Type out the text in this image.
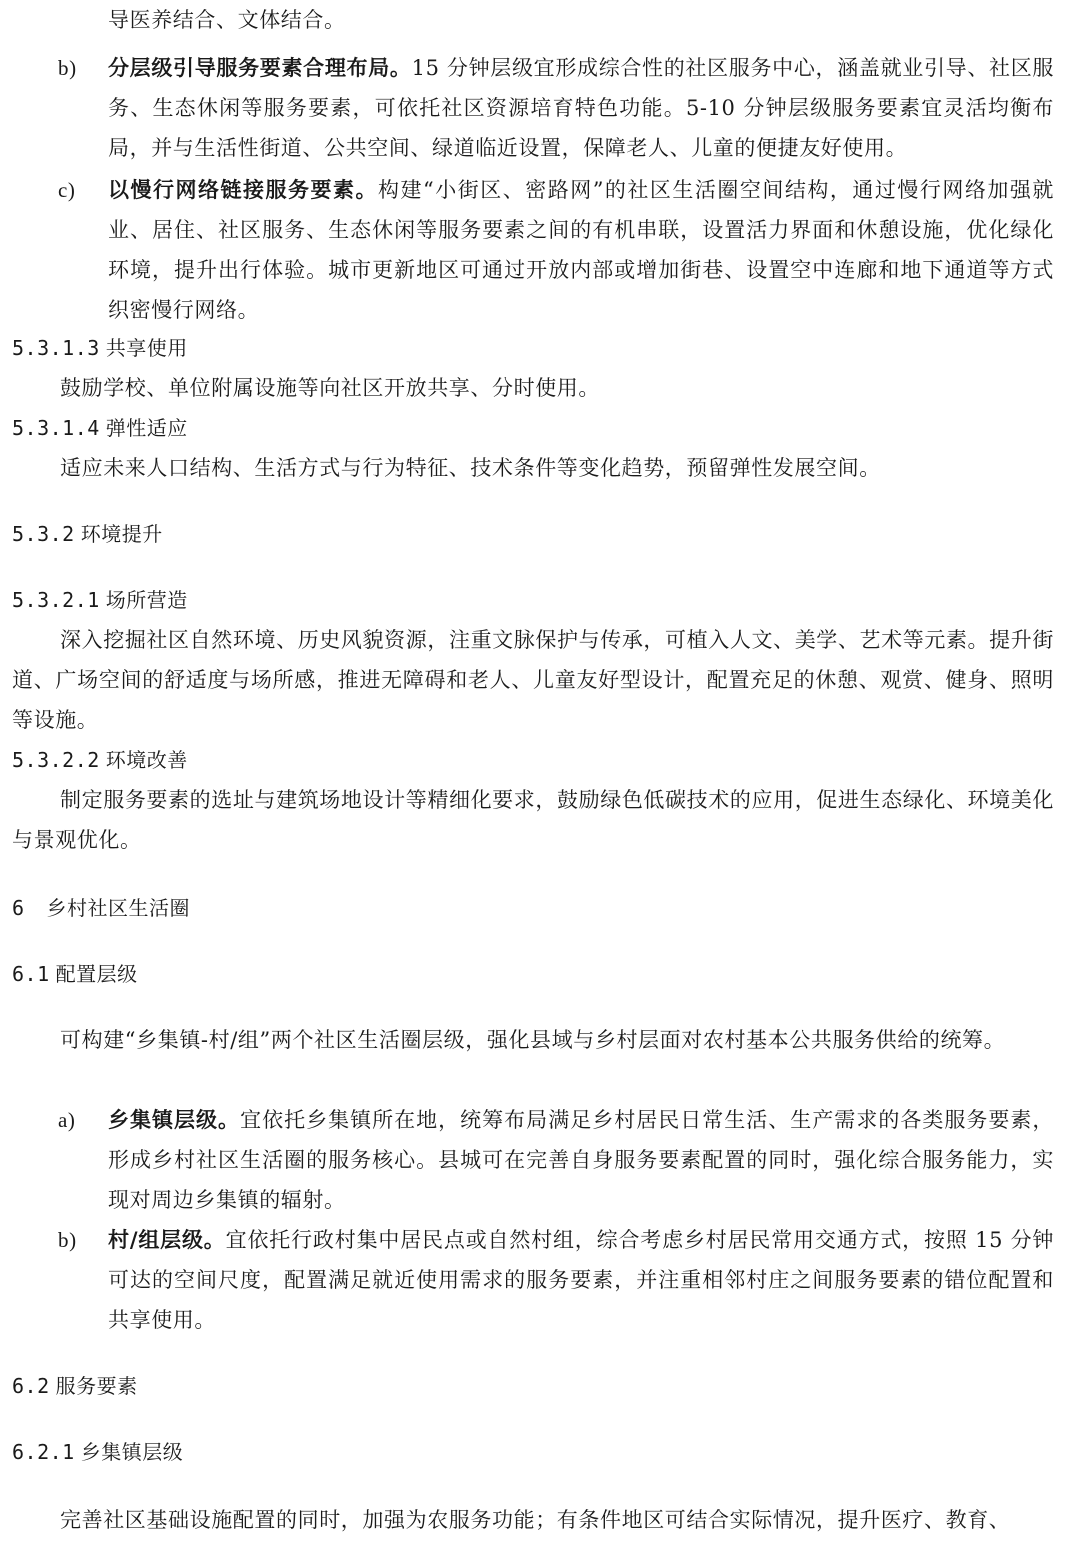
导医养结合、文体结合。

b)	分层级引导服务要素合理布局。15 分钟层级宜形成综合性的社区服务中心，涵盖就业引导、社区服务、生态休闲等服务要素，可依托社区资源培育特色功能。5-10 分钟层级服务要素宜灵活均衡布局，并与生活性街道、公共空间、绿道临近设置，保障老人、儿童的便捷友好使用。
c)	以慢行网络链接服务要素。构建“小街区、密路网”的社区生活圈空间结构，通过慢行网络加强就业、居住、社区服务、生态休闲等服务要素之间的有机串联，设置活力界面和休憩设施，优化绿化环境，提升出行体验。城市更新地区可通过开放内部或增加街巷、设置空中连廊和地下通道等方式织密慢行网络。
5.3.1.3 共享使用

鼓励学校、单位附属设施等向社区开放共享、分时使用。

5.3.1.4 弹性适应

适应未来人口结构、生活方式与行为特征、技术条件等变化趋势，预留弹性发展空间。

5.3.2 环境提升
5.3.2.1 场所营造

深入挖掘社区自然环境、历史风貌资源，注重文脉保护与传承，可植入人文、美学、艺术等元素。提升街道、广场空间的舒适度与场所感，推进无障碍和老人、儿童友好型设计，配置充足的休憩、观赏、健身、照明等设施。

5.3.2.2 环境改善

制定服务要素的选址与建筑场地设计等精细化要求，鼓励绿色低碳技术的应用，促进生态绿化、环境美化与景观优化。

6 乡村社区生活圈
6.1 配置层级

可构建“乡集镇-村/组”两个社区生活圈层级，强化县域与乡村层面对农村基本公共服务供给的统筹。

a)	乡集镇层级。宜依托乡集镇所在地，统筹布局满足乡村居民日常生活、生产需求的各类服务要素，形成乡村社区生活圈的服务核心。县城可在完善自身服务要素配置的同时，强化综合服务能力，实现对周边乡集镇的辐射。
b)	村/组层级。宜依托行政村集中居民点或自然村组，综合考虑乡村居民常用交通方式，按照 15 分钟可达的空间尺度，配置满足就近使用需求的服务要素，并注重相邻村庄之间服务要素的错位配置和共享使用。
6.2 服务要素
6.2.1 乡集镇层级

完善社区基础设施配置的同时，加强为农服务功能；有条件地区可结合实际情况，提升医疗、教育、
